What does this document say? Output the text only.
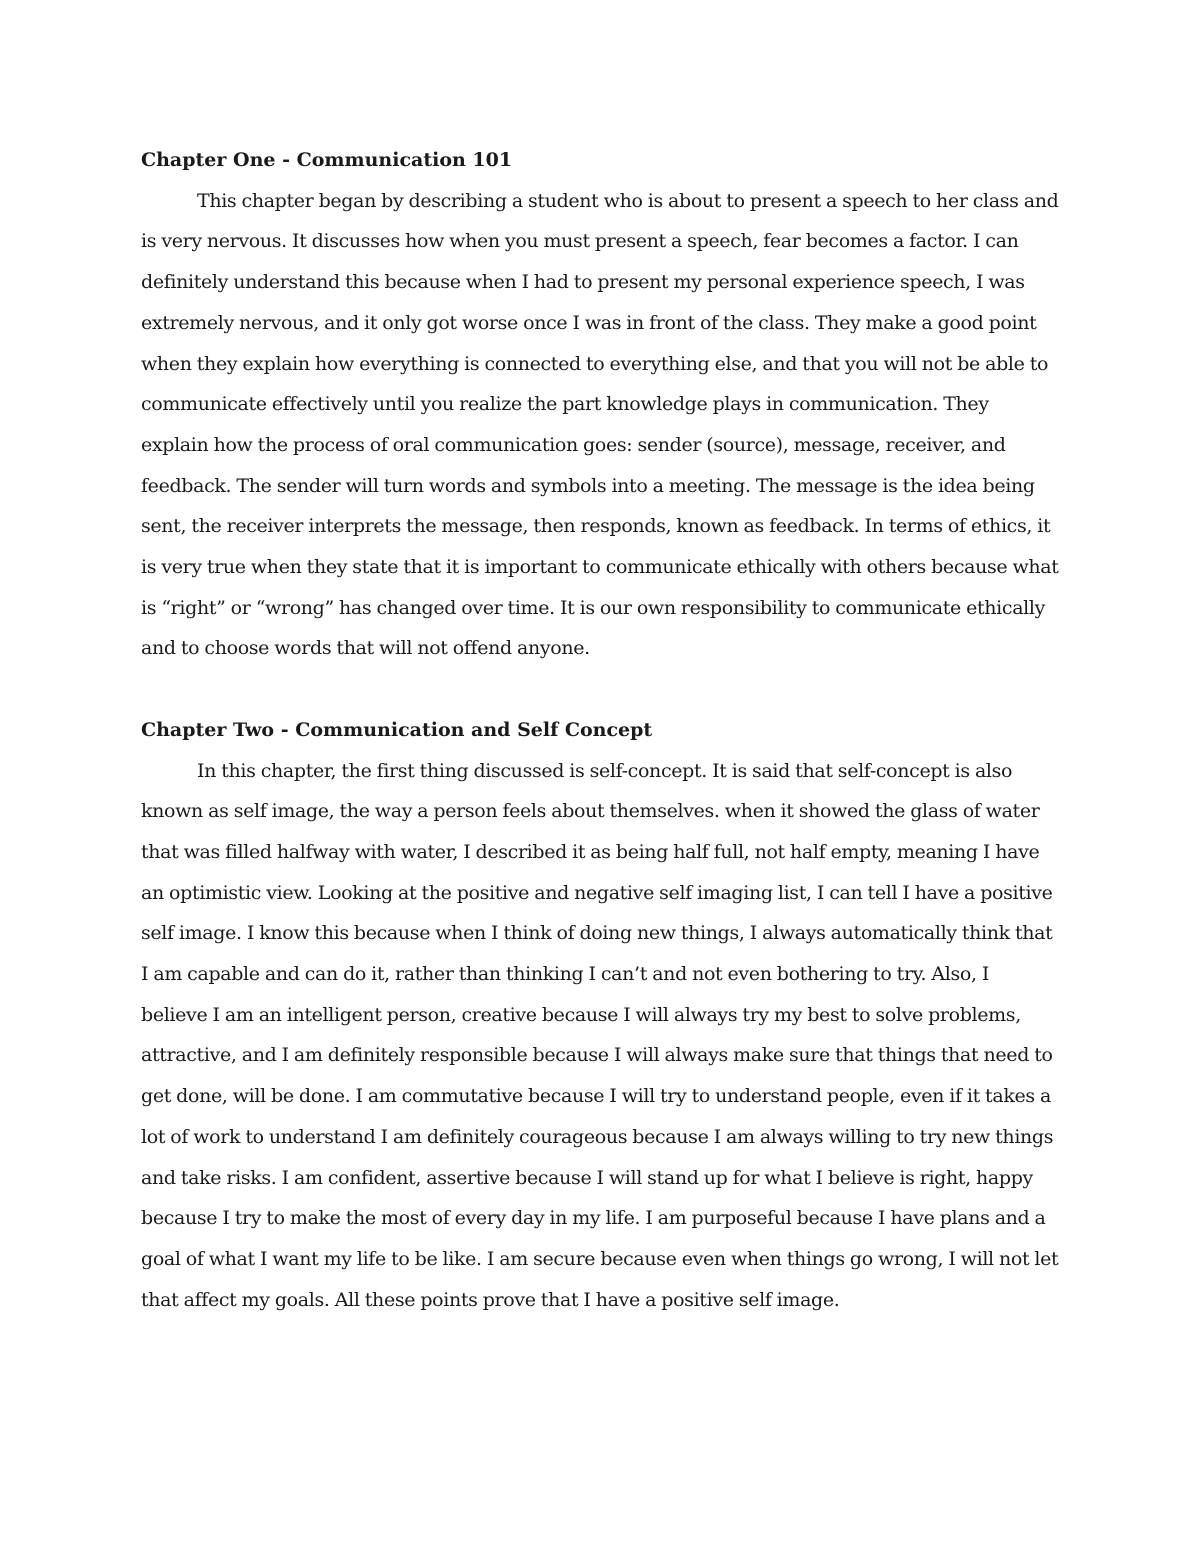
Chapter One - Communication 101

This chapter began by describing a student who is about to present a speech to her class and is very nervous. It discusses how when you must present a speech, fear becomes a factor. I can definitely understand this because when I had to present my personal experience speech, I was extremely nervous, and it only got worse once I was in front of the class. They make a good point when they explain how everything is connected to everything else, and that you will not be able to communicate effectively until you realize the part knowledge plays in communication. They explain how the process of oral communication goes: sender (source), message, receiver, and feedback. The sender will turn words and symbols into a meeting. The message is the idea being sent, the receiver interprets the message, then responds, known as feedback. In terms of ethics, it is very true when they state that it is important to communicate ethically with others because what is “right” or “wrong” has changed over time. It is our own responsibility to communicate ethically and to choose words that will not offend anyone.

Chapter Two - Communication and Self Concept

In this chapter, the first thing discussed is self-concept. It is said that self-concept is also known as self image, the way a person feels about themselves. when it showed the glass of water that was filled halfway with water, I described it as being half full, not half empty, meaning I have an optimistic view. Looking at the positive and negative self imaging list, I can tell I have a positive self image. I know this because when I think of doing new things, I always automatically think that I am capable and can do it, rather than thinking I can’t and not even bothering to try. Also, I believe I am an intelligent person, creative because I will always try my best to solve problems, attractive, and I am definitely responsible because I will always make sure that things that need to get done, will be done. I am commutative because I will try to understand people, even if it takes a lot of work to understand I am definitely courageous because I am always willing to try new things and take risks. I am confident, assertive because I will stand up for what I believe is right, happy because I try to make the most of every day in my life. I am purposeful because I have plans and a goal of what I want my life to be like. I am secure because even when things go wrong, I will not let that affect my goals. All these points prove that I have a positive self image.
